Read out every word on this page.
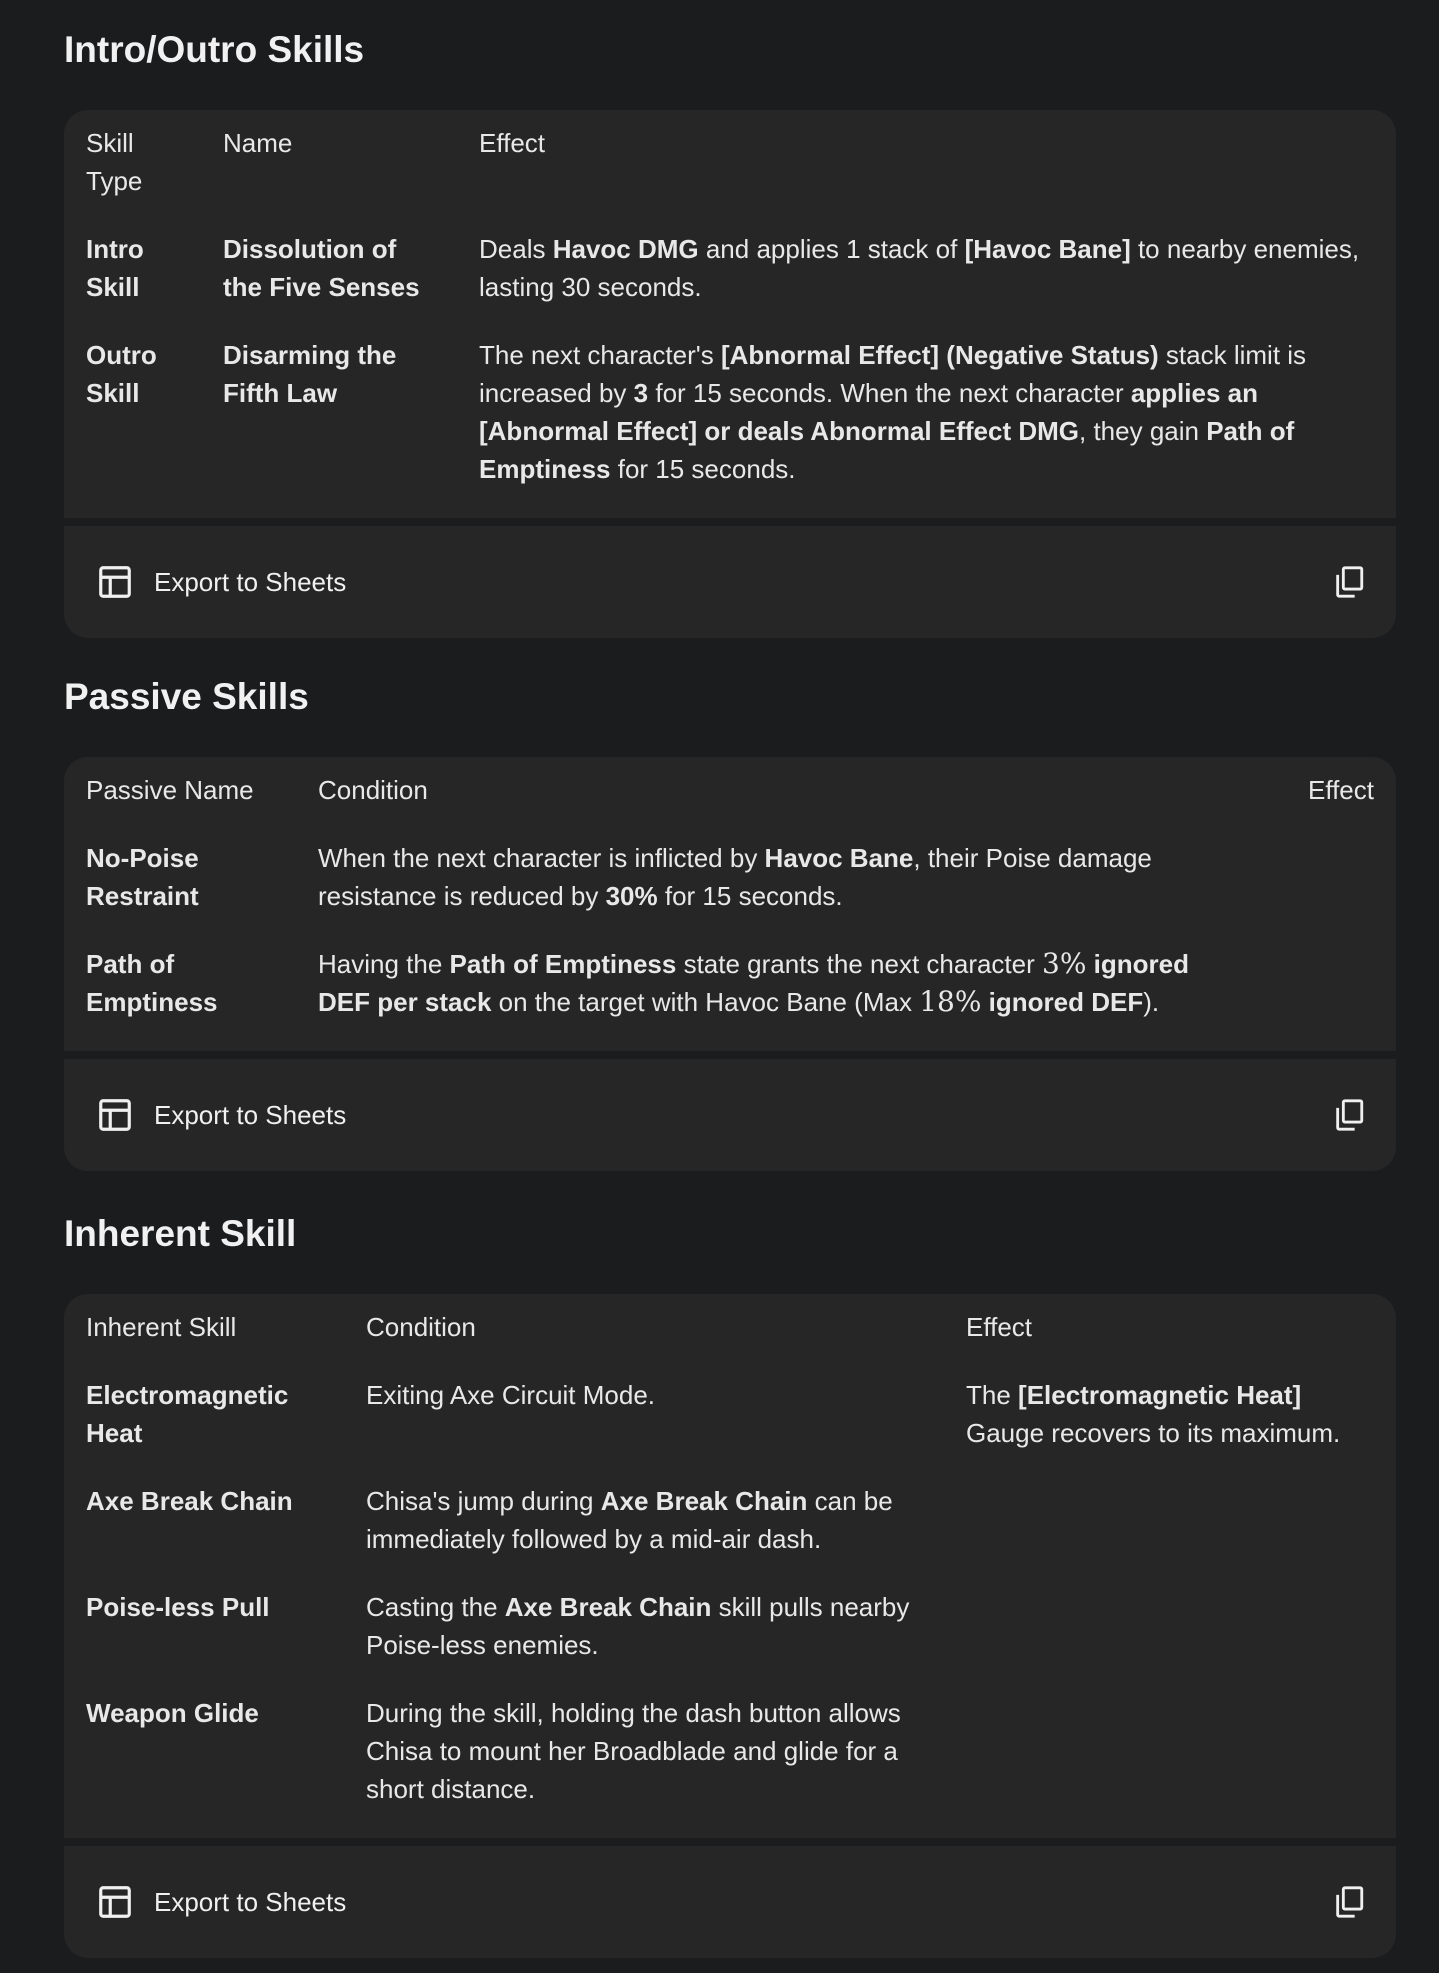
Intro/Outro Skills
Skill Type	Name	Effect
Intro Skill	Dissolution of the Five Senses	Deals Havoc DMG and applies 1 stack of [Havoc Bane] to nearby enemies, lasting 30 seconds.
Outro Skill	Disarming the Fifth Law	The next character's [Abnormal Effect] (Negative Status) stack limit is increased by 3 for 15 seconds. When the next character applies an [Abnormal Effect] or deals Abnormal Effect DMG, they gain Path of Emptiness for 15 seconds.
Export to Sheets
Passive Skills
Passive Name	Condition	Effect
No-Poise Restraint	When the next character is inflicted by Havoc Bane, their Poise damage resistance is reduced by 30% for 15 seconds.	
Path of Emptiness	Having the Path of Emptiness state grants the next character 3% ignored DEF per stack on the target with Havoc Bane (Max 18% ignored DEF).	
Export to Sheets
Inherent Skill
Inherent Skill	Condition	Effect
Electromagnetic Heat	Exiting Axe Circuit Mode.	The [Electromagnetic Heat] Gauge recovers to its maximum.
Axe Break Chain	Chisa's jump during Axe Break Chain can be immediately followed by a mid-air dash.	
Poise-less Pull	Casting the Axe Break Chain skill pulls nearby Poise-less enemies.	
Weapon Glide	During the skill, holding the dash button allows Chisa to mount her Broadblade and glide for a short distance.	
Export to Sheets
